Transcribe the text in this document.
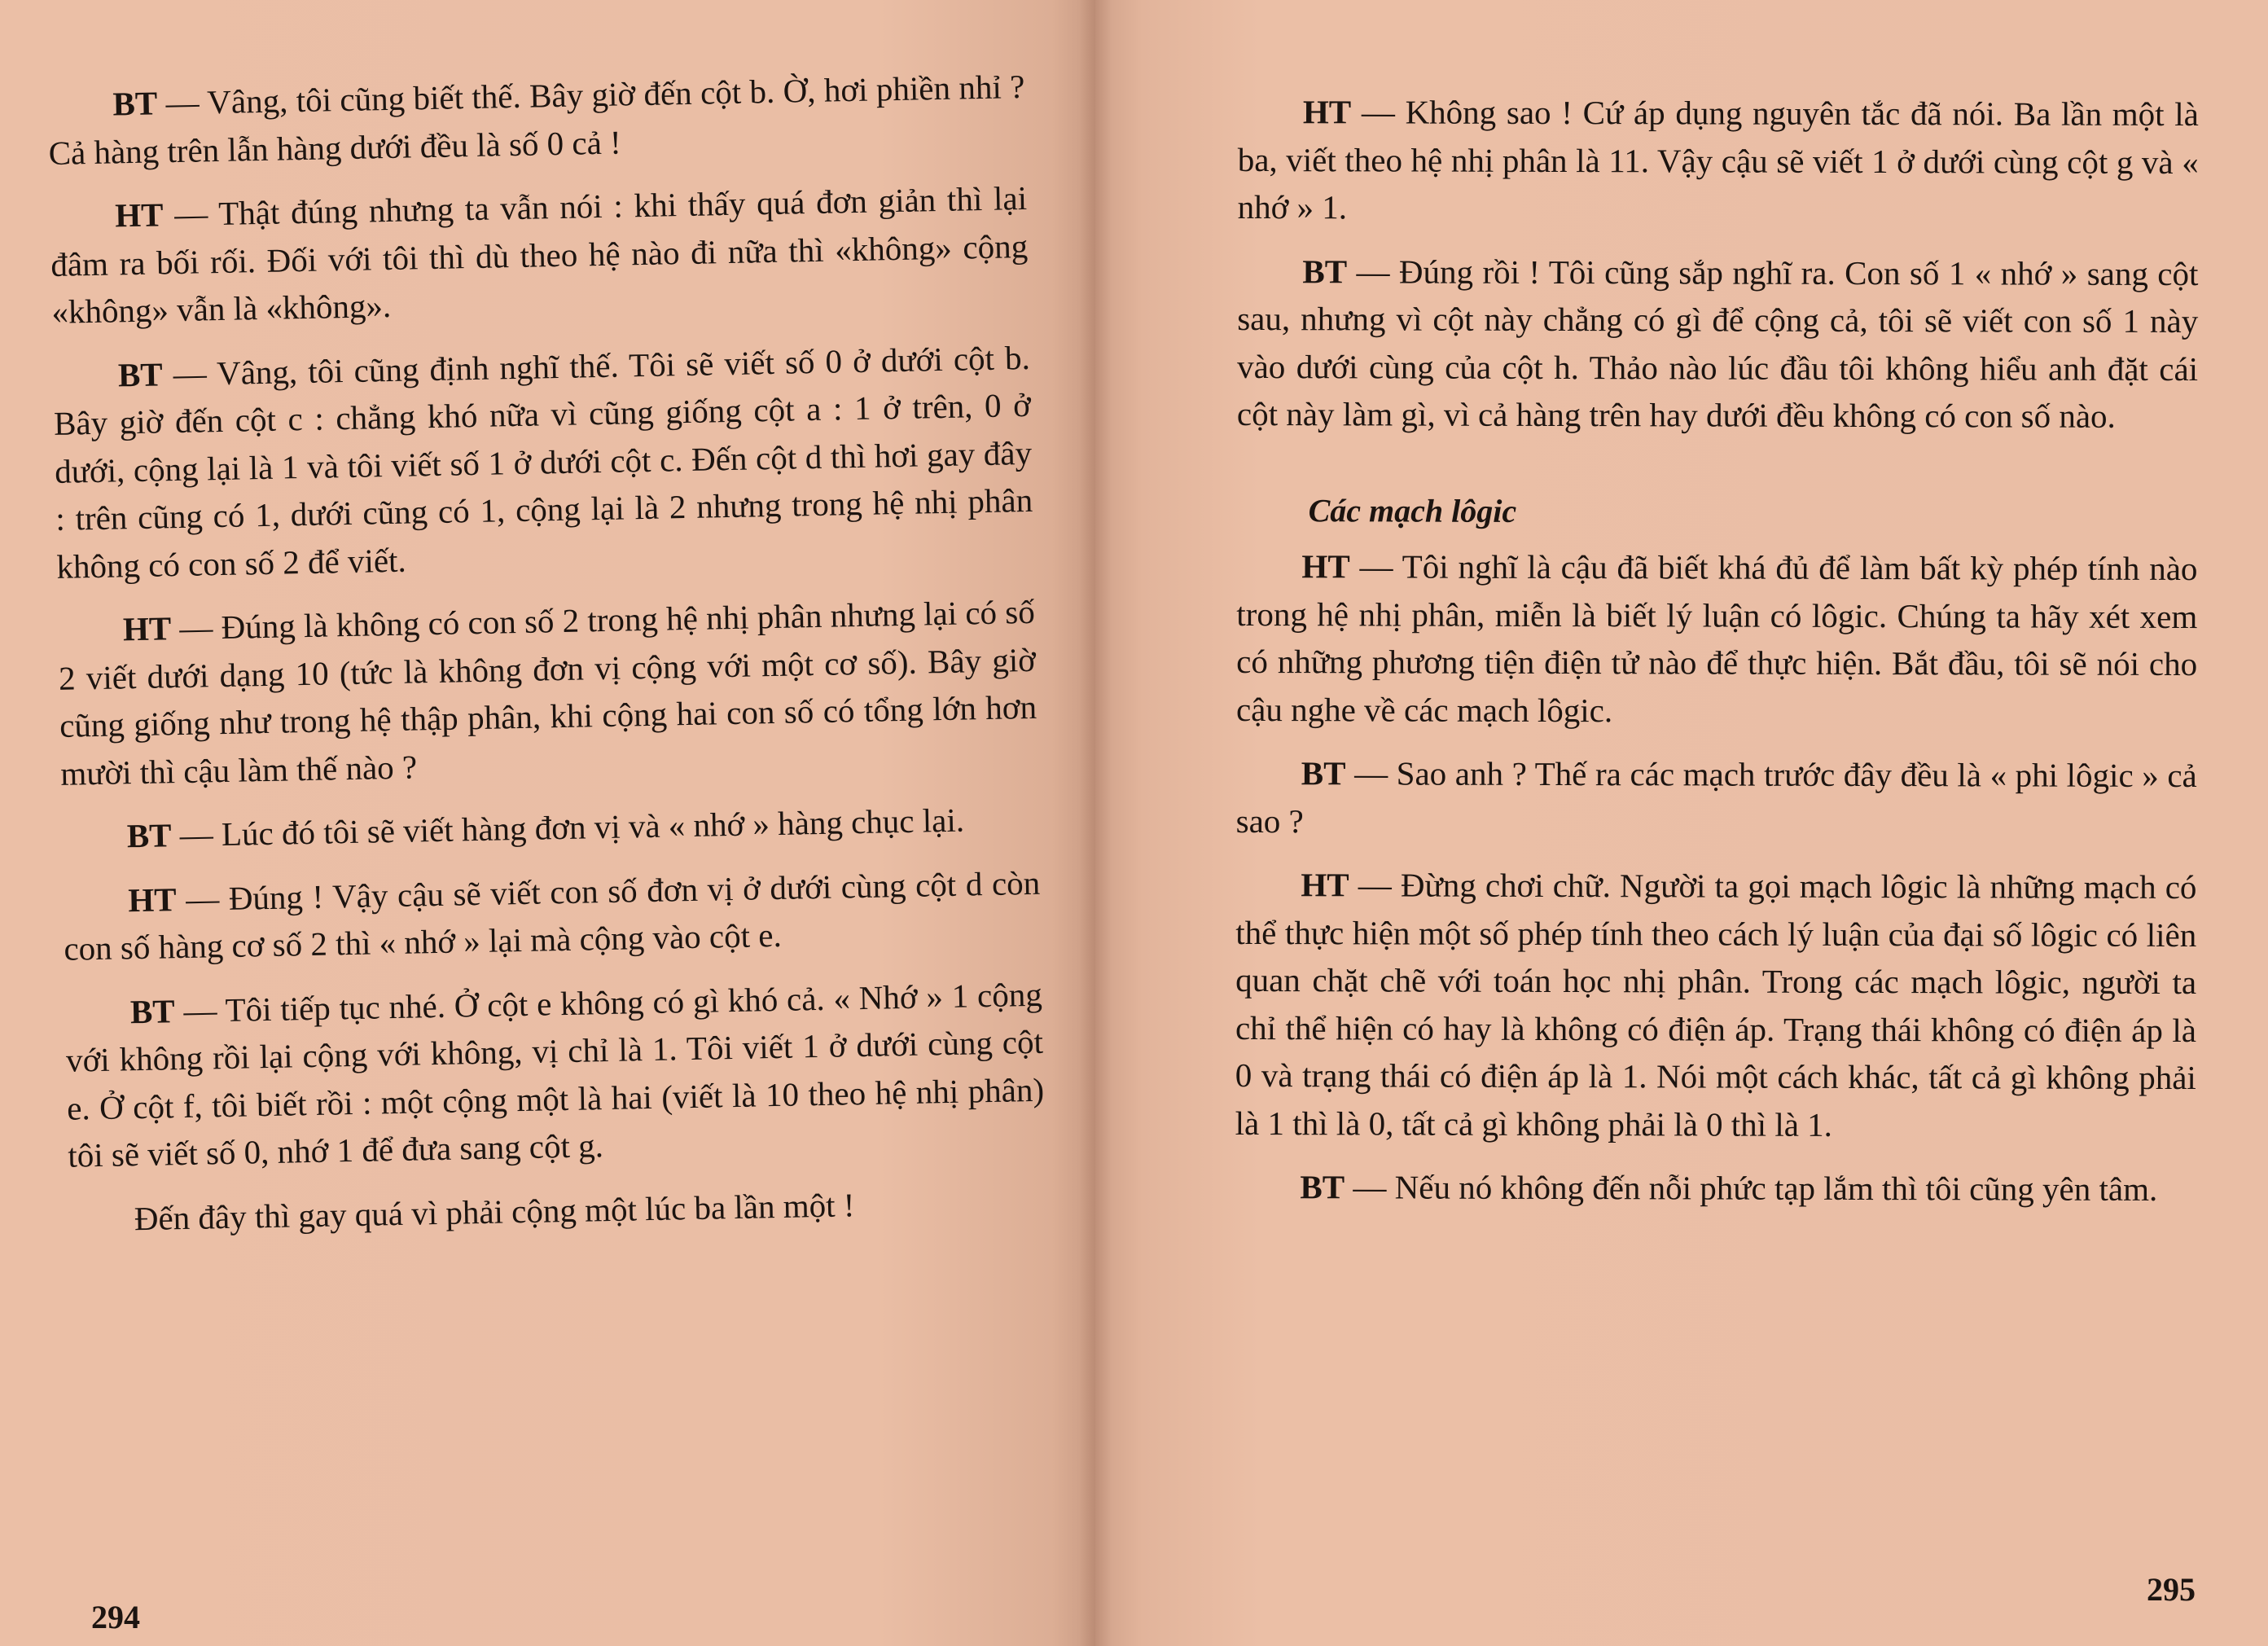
BT — Vâng, tôi cũng biết thế. Bây giờ đến cột b. Ờ, hơi phiền nhỉ ? Cả hàng trên lẫn hàng dưới đều là số 0 cả !

HT — Thật đúng nhưng ta vẫn nói : khi thấy quá đơn giản thì lại đâm ra bối rối. Đối với tôi thì dù theo hệ nào đi nữa thì «không» cộng «không» vẫn là «không».

BT — Vâng, tôi cũng định nghĩ thế. Tôi sẽ viết số 0 ở dưới cột b. Bây giờ đến cột c : chẳng khó nữa vì cũng giống cột a : 1 ở trên, 0 ở dưới, cộng lại là 1 và tôi viết số 1 ở dưới cột c. Đến cột d thì hơi gay đây : trên cũng có 1, dưới cũng có 1, cộng lại là 2 nhưng trong hệ nhị phân không có con số 2 để viết.

HT — Đúng là không có con số 2 trong hệ nhị phân nhưng lại có số 2 viết dưới dạng 10 (tức là không đơn vị cộng với một cơ số). Bây giờ cũng giống như trong hệ thập phân, khi cộng hai con số có tổng lớn hơn mười thì cậu làm thế nào ?

BT — Lúc đó tôi sẽ viết hàng đơn vị và « nhớ » hàng chục lại.

HT — Đúng ! Vậy cậu sẽ viết con số đơn vị ở dưới cùng cột d còn con số hàng cơ số 2 thì « nhớ » lại mà cộng vào cột e.

BT — Tôi tiếp tục nhé. Ở cột e không có gì khó cả. « Nhớ » 1 cộng với không rồi lại cộng với không, vị chỉ là 1. Tôi viết 1 ở dưới cùng cột e. Ở cột f, tôi biết rồi : một cộng một là hai (viết là 10 theo hệ nhị phân) tôi sẽ viết số 0, nhớ 1 để đưa sang cột g.

Đến đây thì gay quá vì phải cộng một lúc ba lần một !

294

HT — Không sao ! Cứ áp dụng nguyên tắc đã nói. Ba lần một là ba, viết theo hệ nhị phân là 11. Vậy cậu sẽ viết 1 ở dưới cùng cột g và « nhớ » 1.

BT — Đúng rồi ! Tôi cũng sắp nghĩ ra. Con số 1 « nhớ » sang cột sau, nhưng vì cột này chẳng có gì để cộng cả, tôi sẽ viết con số 1 này vào dưới cùng của cột h. Thảo nào lúc đầu tôi không hiểu anh đặt cái cột này làm gì, vì cả hàng trên hay dưới đều không có con số nào.

Các mạch lôgic

HT — Tôi nghĩ là cậu đã biết khá đủ để làm bất kỳ phép tính nào trong hệ nhị phân, miễn là biết lý luận có lôgic. Chúng ta hãy xét xem có những phương tiện điện tử nào để thực hiện. Bắt đầu, tôi sẽ nói cho cậu nghe về các mạch lôgic.

BT — Sao anh ? Thế ra các mạch trước đây đều là « phi lôgic » cả sao ?

HT — Đừng chơi chữ. Người ta gọi mạch lôgic là những mạch có thể thực hiện một số phép tính theo cách lý luận của đại số lôgic có liên quan chặt chẽ với toán học nhị phân. Trong các mạch lôgic, người ta chỉ thể hiện có hay là không có điện áp. Trạng thái không có điện áp là 0 và trạng thái có điện áp là 1. Nói một cách khác, tất cả gì không phải là 1 thì là 0, tất cả gì không phải là 0 thì là 1.

BT — Nếu nó không đến nỗi phức tạp lắm thì tôi cũng yên tâm.

295
